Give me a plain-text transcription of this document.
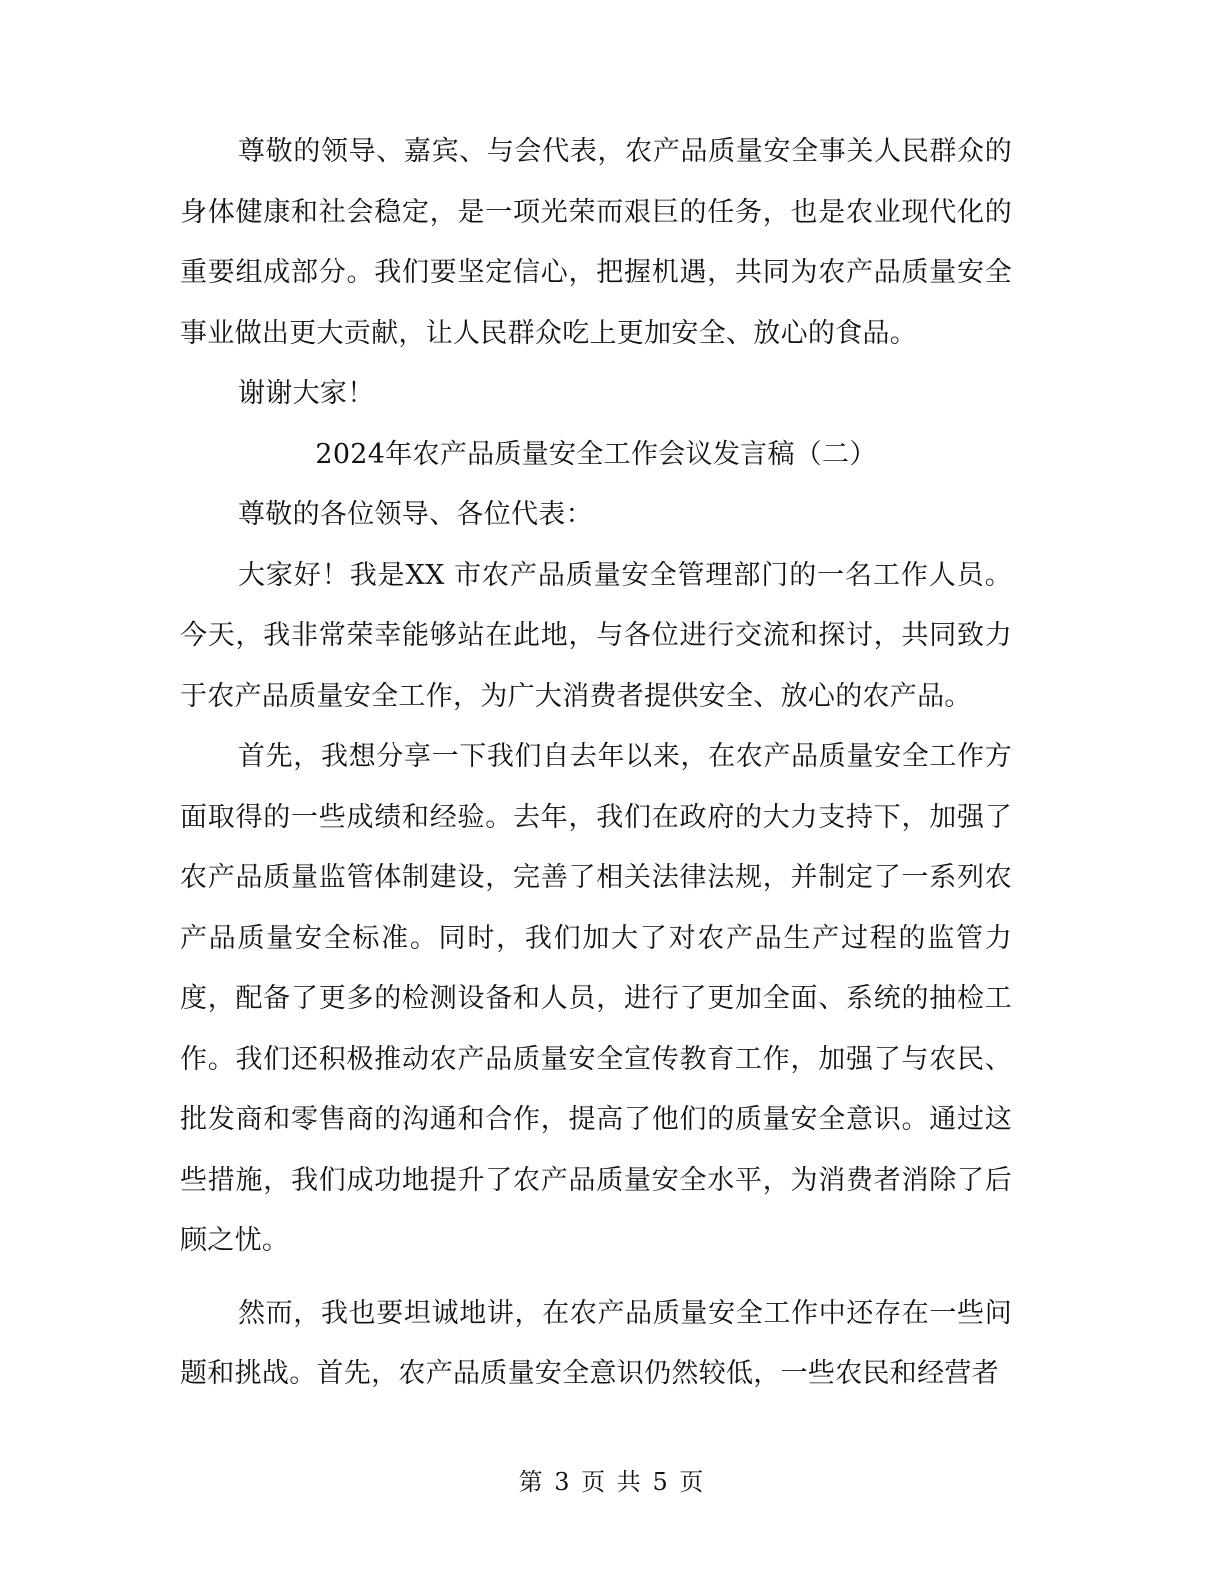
尊敬的领导、嘉宾、与会代表，农产品质量安全事关人民群众的身体健康和社会稳定，是一项光荣而艰巨的任务，也是农业现代化的重要组成部分。我们要坚定信心，把握机遇，共同为农产品质量安全事业做出更大贡献，让人民群众吃上更加安全、放心的食品。

谢谢大家！

2024年农产品质量安全工作会议发言稿（二）

尊敬的各位领导、各位代表：

大家好！我是XX 市农产品质量安全管理部门的一名工作人员。今天，我非常荣幸能够站在此地，与各位进行交流和探讨，共同致力于农产品质量安全工作，为广大消费者提供安全、放心的农产品。

首先，我想分享一下我们自去年以来，在农产品质量安全工作方面取得的一些成绩和经验。去年，我们在政府的大力支持下，加强了农产品质量监管体制建设，完善了相关法律法规，并制定了一系列农产品质量安全标准。同时，我们加大了对农产品生产过程的监管力度，配备了更多的检测设备和人员，进行了更加全面、系统的抽检工作。我们还积极推动农产品质量安全宣传教育工作，加强了与农民、批发商和零售商的沟通和合作，提高了他们的质量安全意识。通过这些措施，我们成功地提升了农产品质量安全水平，为消费者消除了后顾之忧。

然而，我也要坦诚地讲，在农产品质量安全工作中还存在一些问题和挑战。首先，农产品质量安全意识仍然较低，一些农民和经营者

第 3 页 共 5 页
